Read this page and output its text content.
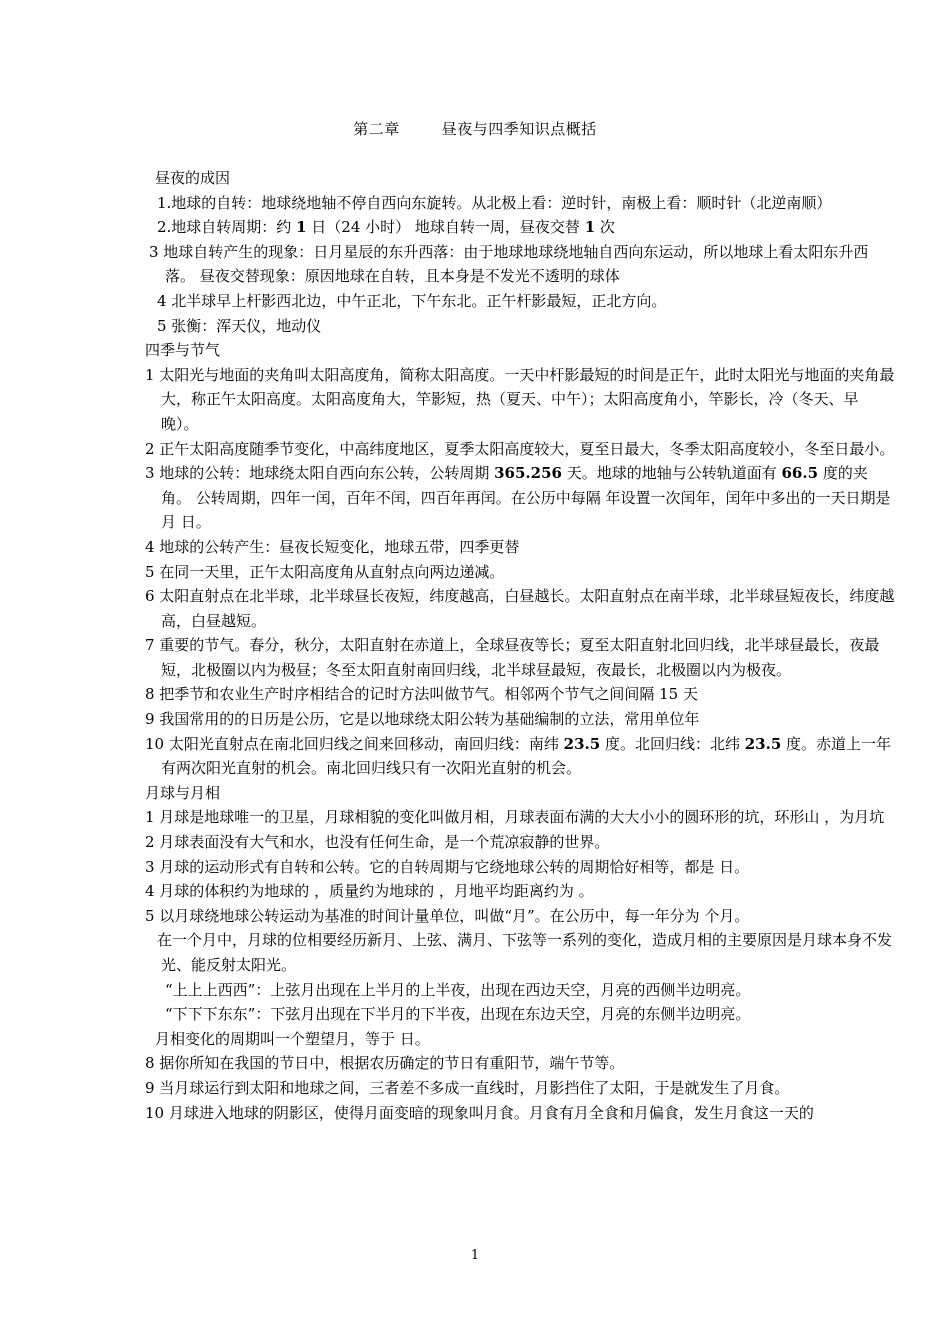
第二章	昼夜与四季知识点概括

昼夜的成因

1.地球的自转：地球绕地轴不停自西向东旋转。从北极上看：逆时针，南极上看：顺时针（北逆南顺）

2.地球自转周期：约 1 日（24 小时） 地球自转一周，昼夜交替 1 次

3 地球自转产生的现象：日月星辰的东升西落：由于地球地球绕地轴自西向东运动，所以地球上看太阳东升西落。 昼夜交替现象：原因地球在自转，且本身是不发光不透明的球体

4 北半球早上杆影西北边，中午正北，下午东北。正午杆影最短，正北方向。

5 张衡：浑天仪，地动仪

四季与节气

1 太阳光与地面的夹角叫太阳高度角，简称太阳高度。一天中杆影最短的时间是正午，此时太阳光与地面的夹角最大，称正午太阳高度。太阳高度角大，竿影短，热（夏天、中午）；太阳高度角小，竿影长，冷（冬天、早晚）。

2 正午太阳高度随季节变化，中高纬度地区，夏季太阳高度较大，夏至日最大，冬季太阳高度较小，冬至日最小。

3 地球的公转：地球绕太阳自西向东公转，公转周期 365.256 天。地球的地轴与公转轨道面有 66.5 度的夹角。 公转周期，四年一闰，百年不闰，四百年再闰。在公历中每隔 年设置一次闰年，闰年中多出的一天日期是 月 日。

4 地球的公转产生：昼夜长短变化，地球五带，四季更替

5 在同一天里，正午太阳高度角从直射点向两边递减。

6 太阳直射点在北半球，北半球昼长夜短，纬度越高，白昼越长。太阳直射点在南半球，北半球昼短夜长，纬度越高，白昼越短。

7 重要的节气。春分，秋分，太阳直射在赤道上，全球昼夜等长；夏至太阳直射北回归线，北半球昼最长，夜最短，北极圈以内为极昼；冬至太阳直射南回归线，北半球昼最短，夜最长，北极圈以内为极夜。

8 把季节和农业生产时序相结合的记时方法叫做节气。相邻两个节气之间间隔 15 天

9 我国常用的的日历是公历，它是以地球绕太阳公转为基础编制的立法，常用单位年

10 太阳光直射点在南北回归线之间来回移动，南回归线：南纬 23.5 度。北回归线：北纬 23.5 度。赤道上一年有两次阳光直射的机会。南北回归线只有一次阳光直射的机会。

月球与月相

1 月球是地球唯一的卫星，月球相貌的变化叫做月相，月球表面布满的大大小小的圆环形的坑，环形山 ，为月坑

2 月球表面没有大气和水，也没有任何生命，是一个荒凉寂静的世界。

3 月球的运动形式有自转和公转。它的自转周期与它绕地球公转的周期恰好相等，都是 日。

4 月球的体积约为地球的 ，质量约为地球的 ，月地平均距离约为 。

5 以月球绕地球公转运动为基准的时间计量单位，叫做“月”。在公历中，每一年分为 个月。

在一个月中，月球的位相要经历新月、上弦、满月、下弦等一系列的变化，造成月相的主要原因是月球本身不发光、能反射太阳光。

“上上上西西”：上弦月出现在上半月的上半夜，出现在西边天空，月亮的西侧半边明亮。

“下下下东东”：下弦月出现在下半月的下半夜，出现在东边天空，月亮的东侧半边明亮。

月相变化的周期叫一个塑望月，等于 日。

8 据你所知在我国的节日中，根据农历确定的节日有重阳节，端午节等。

9 当月球运行到太阳和地球之间，三者差不多成一直线时，月影挡住了太阳，于是就发生了月食。

10 月球进入地球的阴影区，使得月面变暗的现象叫月食。月食有月全食和月偏食，发生月食这一天的

1
